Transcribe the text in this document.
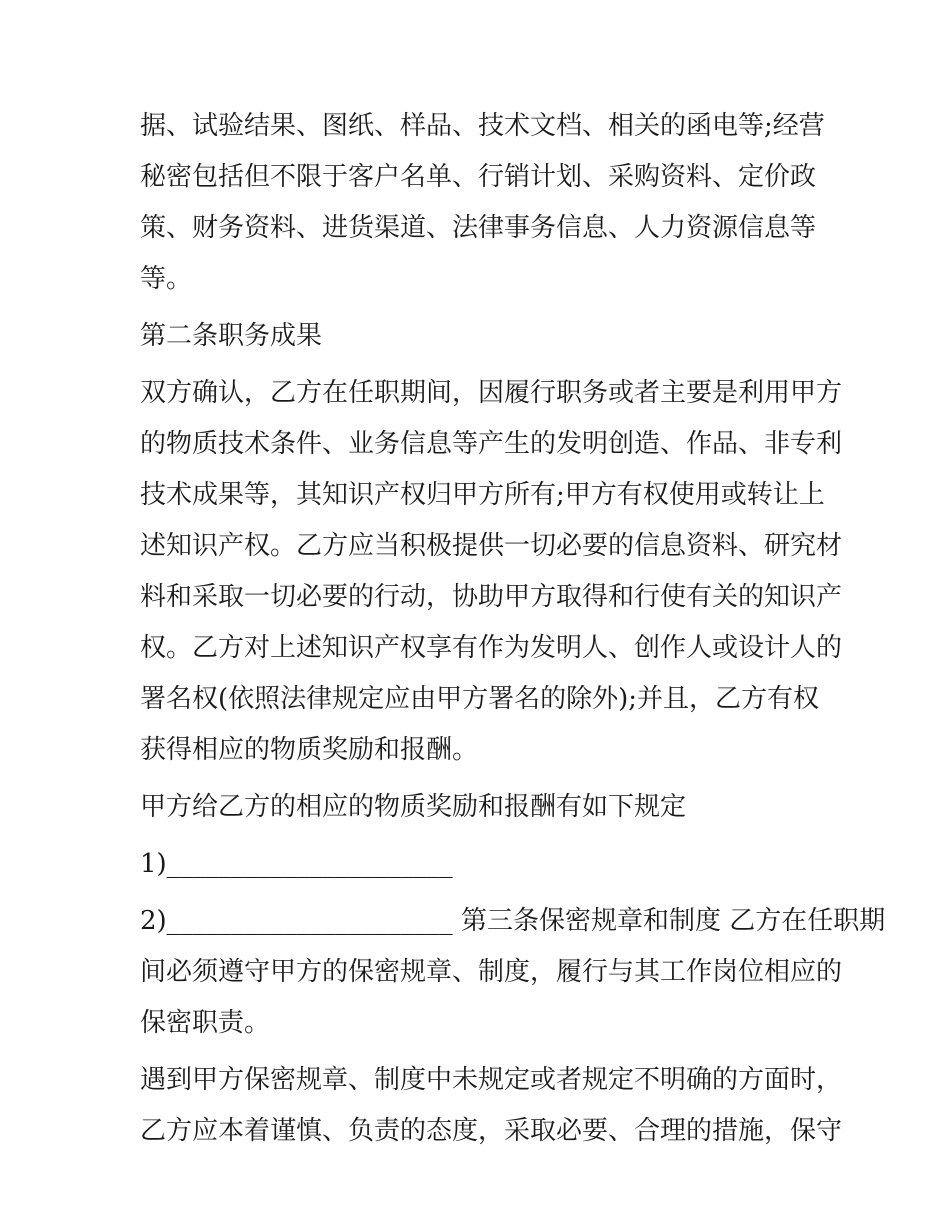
据、试验结果、图纸、样品、技术文档、相关的函电等;经营
秘密包括但不限于客户名单、行销计划、采购资料、定价政
策、财务资料、进货渠道、法律事务信息、人力资源信息等
等。

第二条职务成果

双方确认，乙方在任职期间，因履行职务或者主要是利用甲方
的物质技术条件、业务信息等产生的发明创造、作品、非专利
技术成果等，其知识产权归甲方所有;甲方有权使用或转让上
述知识产权。乙方应当积极提供一切必要的信息资料、研究材
料和采取一切必要的行动，协助甲方取得和行使有关的知识产
权。乙方对上述知识产权享有作为发明人、创作人或设计人的
署名权(依照法律规定应由甲方署名的除外);并且，乙方有权
获得相应的物质奖励和报酬。

甲方给乙方的相应的物质奖励和报酬有如下规定

1)______________________

2)______________________ 第三条保密规章和制度 乙方在任职期
间必须遵守甲方的保密规章、制度，履行与其工作岗位相应的
保密职责。

遇到甲方保密规章、制度中未规定或者规定不明确的方面时，
乙方应本着谨慎、负责的态度，采取必要、合理的措施，保守
